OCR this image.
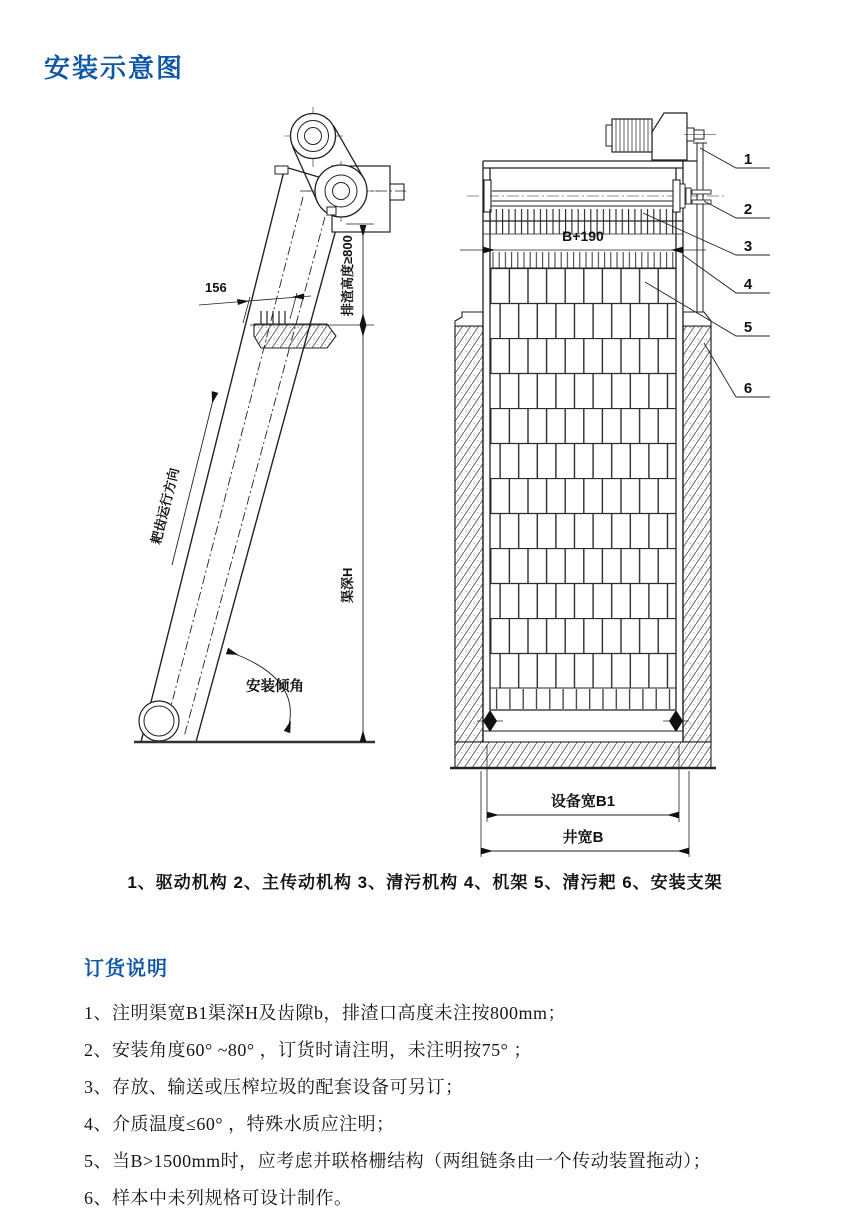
安装示意图
156	排渣高度≥800
渠深H
耙齿运行方向
安装倾角
B+190
设备宽B1
井宽B
1
2
3
4
5
6
1、驱动机构 2、主传动机构 3、清污机构 4、机架 5、清污耙 6、安装支架
订货说明
1、注明渠宽B1渠深H及齿隙b，排渣口高度未注按800mm；
2、安装角度60° ~80° ，订货时请注明，未注明按75° ；
3、存放、输送或压榨垃圾的配套设备可另订；
4、介质温度≤60° ，特殊水质应注明；
5、当B>1500mm时，应考虑并联格栅结构（两组链条由一个传动装置拖动）；
6、样本中未列规格可设计制作。
